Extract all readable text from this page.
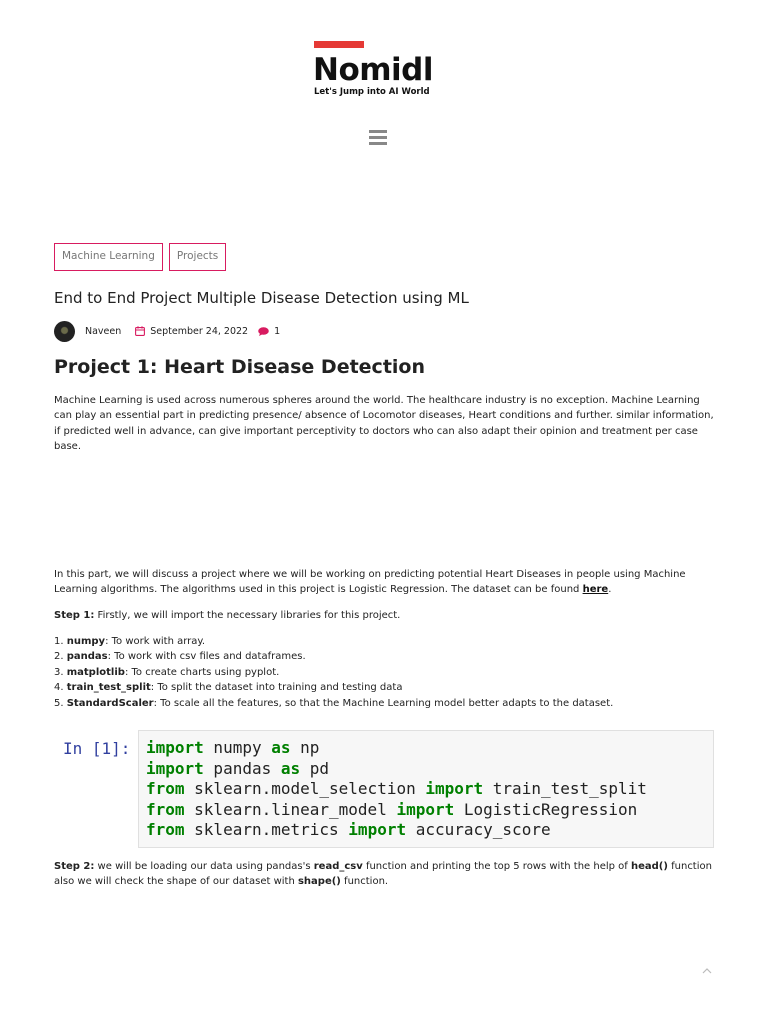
Nomidl
Let's Jump into AI World
Machine Learning	Projects
End to End Project Multiple Disease Detection using ML
Naveen	September 24, 2022	1
Project 1: Heart Disease Detection

Machine Learning is used across numerous spheres around the world. The healthcare industry is no exception. Machine Learning can play an essential part in predicting presence/ absence of Locomotor diseases, Heart conditions and further. similar information, if predicted well in advance, can give important perceptivity to doctors who can also adapt their opinion and treatment per case base.

In this part, we will discuss a project where we will be working on predicting potential Heart Diseases in people using Machine Learning algorithms. The algorithms used in this project is Logistic Regression. The dataset can be found here.

Step 1: Firstly, we will import the necessary libraries for this project.

1. numpy: To work with array.
2. pandas: To work with csv files and dataframes.
3. matplotlib: To create charts using pyplot.
4. train_test_split: To split the dataset into training and testing data
5. StandardScaler: To scale all the features, so that the Machine Learning model better adapts to the dataset.
In [1]: import numpy as np
import pandas as pd
from sklearn.model_selection import train_test_split
from sklearn.linear_model import LogisticRegression
from sklearn.metrics import accuracy_score

Step 2: we will be loading our data using pandas's read_csv function and printing the top 5 rows with the help of head() function also we will check the shape of our dataset with shape() function.
